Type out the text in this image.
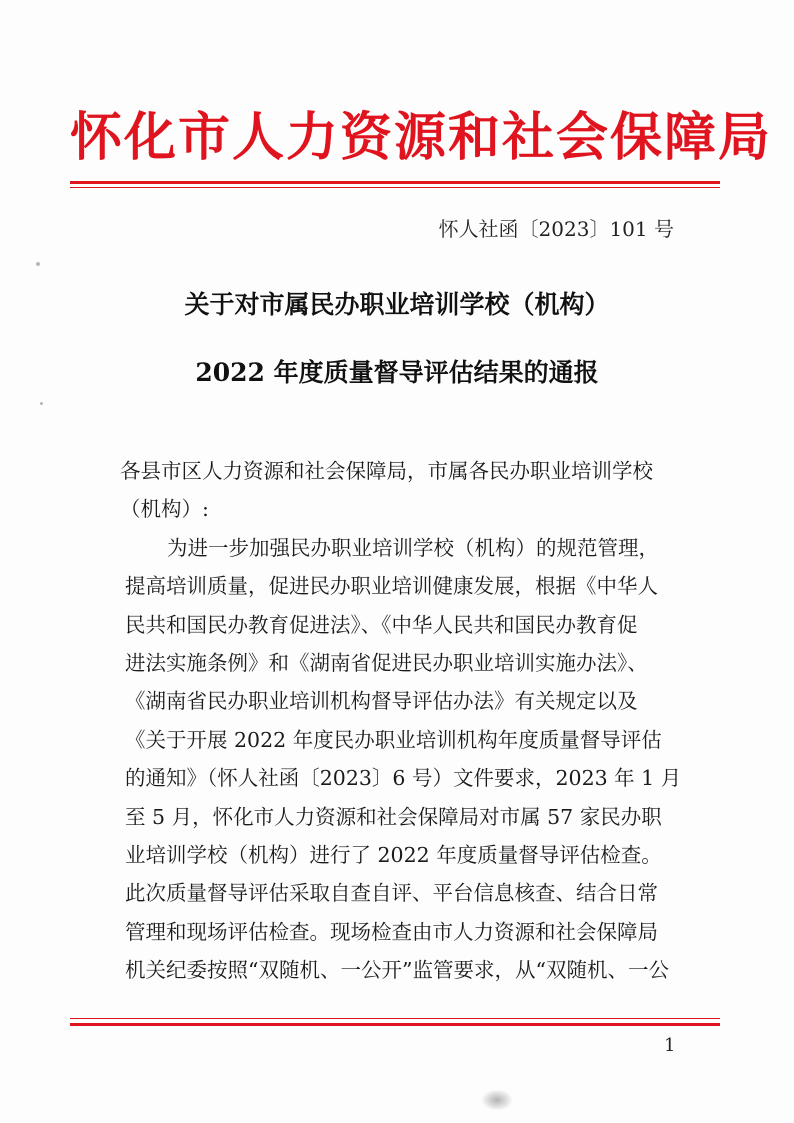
怀化市人力资源和社会保障局
怀人社函〔2023〕101 号
关于对市属民办职业培训学校（机构）
2022 年度质量督导评估结果的通报
各县市区人力资源和社会保障局，市属各民办职业培训学校
（机构）:
为进一步加强民办职业培训学校（机构）的规范管理，
提高培训质量，促进民办职业培训健康发展，根据《中华人
民共和国民办教育促进法》、《中华人民共和国民办教育促
进法实施条例》和《湖南省促进民办职业培训实施办法》、
《湖南省民办职业培训机构督导评估办法》有关规定以及
《关于开展 2022 年度民办职业培训机构年度质量督导评估
的通知》（怀人社函〔2023〕6 号）文件要求，2023 年 1 月
至 5 月，怀化市人力资源和社会保障局对市属 57 家民办职
业培训学校（机构）进行了 2022 年度质量督导评估检查。
此次质量督导评估采取自查自评、平台信息核查、结合日常
管理和现场评估检查。现场检查由市人力资源和社会保障局
机关纪委按照“双随机、一公开”监管要求，从“双随机、一公
1
